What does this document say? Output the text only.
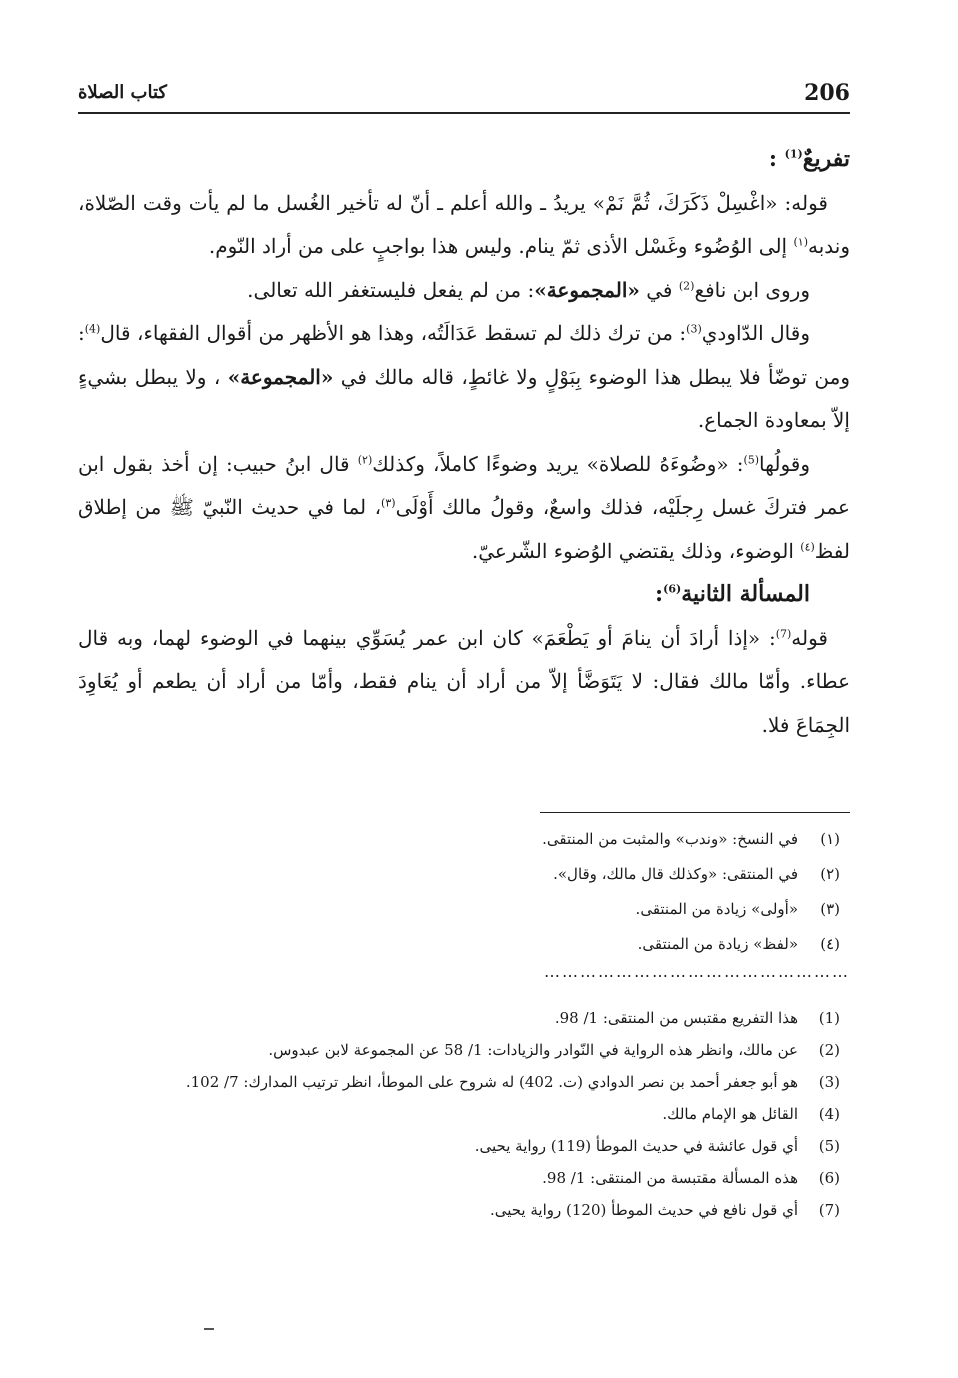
206
كتاب الصلاة

تفريعٌ$^{(1)}$ :

قوله: «اغْسِلْ ذَكَرَكَ، ثُمَّ نَمْ» يريدُ ـ والله أعلم ـ أنّ له تأخير الغُسل ما لم يأت وقت الصّلاة، وندبه$^{(١)}$ إلى الوُضُوء وغَسْل الأذى ثمّ ينام. وليس هذا بواجبٍ على من أراد النّوم.

وروى ابن نافع$^{(2)}$ في «المجموعة»: من لم يفعل فليستغفر الله تعالى.

وقال الدّاودي$^{(3)}$: من ترك ذلك لم تسقط عَدَالَتُه، وهذا هو الأظهر من أقوال الفقهاء، قال$^{(4)}$: ومن توضّأ فلا يبطل هذا الوضوء بِبَوْلٍ ولا غائطٍ، قاله مالك في «المجموعة» ، ولا يبطل بشيءٍ إلاّ بمعاودة الجماع.

وقولُها$^{(5)}$: «وضُوءَهُ للصلاة» يريد وضوءًا كاملاً، وكذلك$^{(٢)}$ قال ابنُ حبيب: إن أخذ بقول ابن عمر فتركَ غسل رِجلَيْه، فذلك واسعٌ، وقولُ مالك أَوْلَى$^{(٣)}$، لما في حديث النّبيّ ﷺ من إطلاق لفظ$^{(٤)}$ الوضوء، وذلك يقتضي الوُضوء الشّرعيّ.

المسألة الثانية$^{(6)}$:

قوله$^{(7)}$: «إذا أرادَ أن ينامَ أو يَطْعَمَ» كان ابن عمر يُسَوِّي بينهما في الوضوء لهما، وبه قال عطاء. وأمّا مالك فقال: لا يَتَوَضَّأ إلاّ من أراد أن ينام فقط، وأمّا من أراد أن يطعم أو يُعَاوِدَ الجِمَاعَ فلا.

(١)
في النسخ: «وندب» والمثبت من المنتقى.
(٢)
في المنتقى: «وكذلك قال مالك، وقال».
(٣)
«أولى» زيادة من المنتقى.
(٤)
«لفظ» زيادة من المنتقى.
……………………………………………
(1)
هذا التفريع مقتبس من المنتقى: 1/ 98.
(2)
عن مالك، وانظر هذه الرواية في النّوادر والزيادات: 1/ 58 عن المجموعة لابن عبدوس.
(3)
هو أبو جعفر أحمد بن نصر الدوادي (ت. 402) له شروح على الموطأ، انظر ترتيب المدارك: 7/ 102.
(4)
القائل هو الإمام مالك.
(5)
أي قول عائشة في حديث الموطأ (119) رواية يحيى.
(6)
هذه المسألة مقتبسة من المنتقى: 1/ 98.
(7)
أي قول نافع في حديث الموطأ (120) رواية يحيى.
